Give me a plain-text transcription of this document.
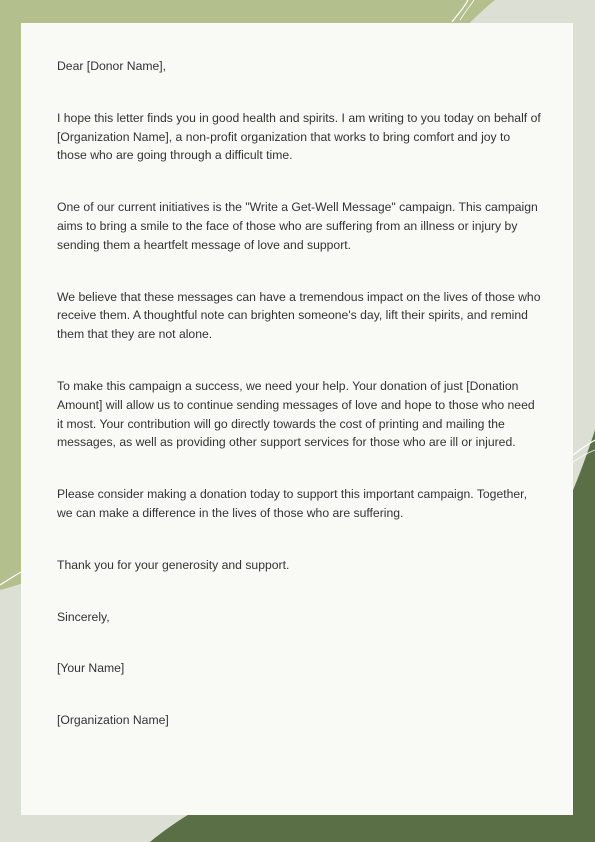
Dear [Donor Name],

I hope this letter finds you in good health and spirits. I am writing to you today on behalf of [Organization Name], a non-profit organization that works to bring comfort and joy to those who are going through a difficult time.

One of our current initiatives is the "Write a Get-Well Message" campaign. This campaign aims to bring a smile to the face of those who are suffering from an illness or injury by sending them a heartfelt message of love and support.

We believe that these messages can have a tremendous impact on the lives of those who receive them. A thoughtful note can brighten someone's day, lift their spirits, and remind them that they are not alone.

To make this campaign a success, we need your help. Your donation of just [Donation Amount] will allow us to continue sending messages of love and hope to those who need it most. Your contribution will go directly towards the cost of printing and mailing the messages, as well as providing other support services for those who are ill or injured.

Please consider making a donation today to support this important campaign. Together, we can make a difference in the lives of those who are suffering.

Thank you for your generosity and support.

Sincerely,

[Your Name]

[Organization Name]
